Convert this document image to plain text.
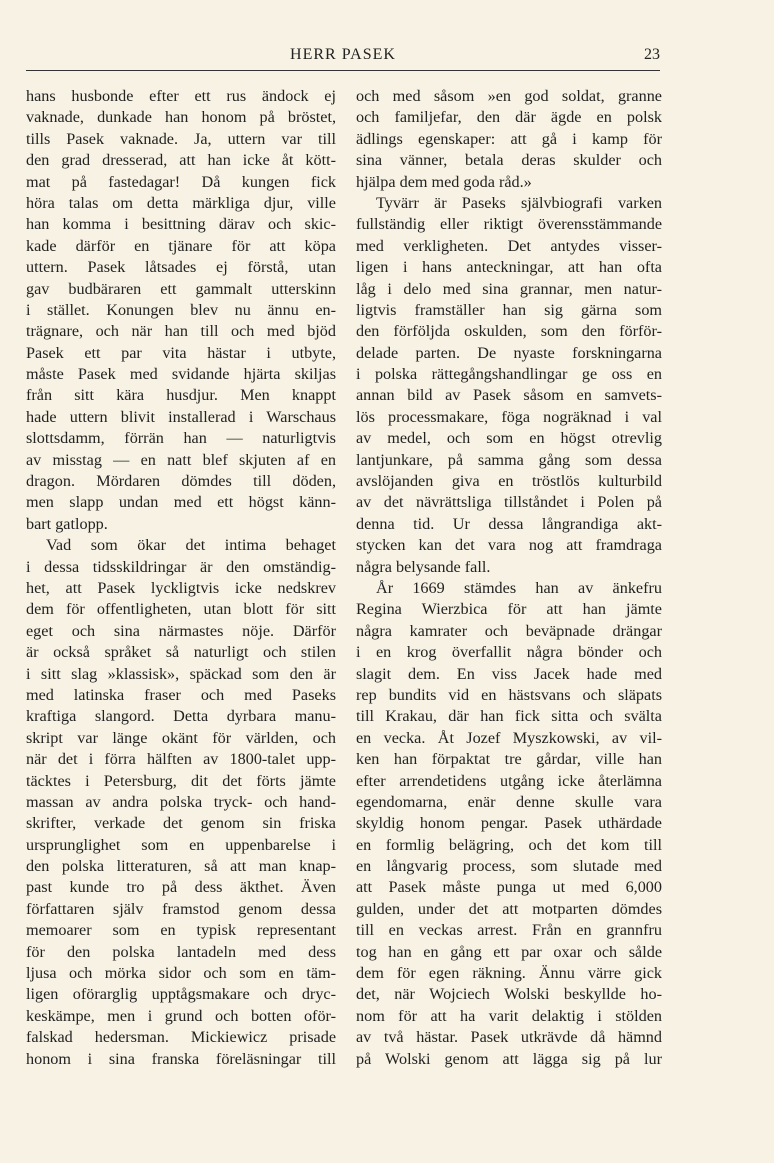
HERR PASEK	23
hans husbonde efter ett rus ändock ej
vaknade, dunkade han honom på bröstet,
tills Pasek vaknade. Ja, uttern var till
den grad dresserad, att han icke åt kött-
mat på fastedagar! Då kungen fick
höra talas om detta märkliga djur, ville
han komma i besittning därav och skic-
kade därför en tjänare för att köpa
uttern. Pasek låtsades ej förstå, utan
gav budbäraren ett gammalt utterskinn
i stället. Konungen blev nu ännu en-
trägnare, och när han till och med bjöd
Pasek ett par vita hästar i utbyte,
måste Pasek med svidande hjärta skiljas
från sitt kära husdjur. Men knappt
hade uttern blivit installerad i Warschaus
slottsdamm, förrän han — naturligtvis
av misstag — en natt blef skjuten af en
dragon. Mördaren dömdes till döden,
men slapp undan med ett högst känn-
bart gatlopp.
Vad som ökar det intima behaget
i dessa tidsskildringar är den omständig-
het, att Pasek lyckligtvis icke nedskrev
dem för offentligheten, utan blott för sitt
eget och sina närmastes nöje. Därför
är också språket så naturligt och stilen
i sitt slag »klassisk», späckad som den är
med latinska fraser och med Paseks
kraftiga slangord. Detta dyrbara manu-
skript var länge okänt för världen, och
när det i förra hälften av 1800-talet upp-
täcktes i Petersburg, dit det förts jämte
massan av andra polska tryck- och hand-
skrifter, verkade det genom sin friska
ursprunglighet som en uppenbarelse i
den polska litteraturen, så att man knap-
past kunde tro på dess äkthet. Även
författaren själv framstod genom dessa
memoarer som en typisk representant
för den polska lantadeln med dess
ljusa och mörka sidor och som en täm-
ligen oförarglig upptågsmakare och dryc-
keskämpe, men i grund och botten oför-
falskad hedersman. Mickiewicz prisade
honom i sina franska föreläsningar till
och med såsom »en god soldat, granne
och familjefar, den där ägde en polsk
ädlings egenskaper: att gå i kamp för
sina vänner, betala deras skulder och
hjälpa dem med goda råd.»
Tyvärr är Paseks självbiografi varken
fullständig eller riktigt överensstämmande
med verkligheten. Det antydes visser-
ligen i hans anteckningar, att han ofta
låg i delo med sina grannar, men natur-
ligtvis framställer han sig gärna som
den förföljda oskulden, som den förför-
delade parten. De nyaste forskningarna
i polska rättegångshandlingar ge oss en
annan bild av Pasek såsom en samvets-
lös processmakare, föga nogräknad i val
av medel, och som en högst otrevlig
lantjunkare, på samma gång som dessa
avslöjanden giva en tröstlös kulturbild
av det nävrättsliga tillståndet i Polen på
denna tid. Ur dessa långrandiga akt-
stycken kan det vara nog att framdraga
några belysande fall.
År 1669 stämdes han av änkefru
Regina Wierzbica för att han jämte
några kamrater och beväpnade drängar
i en krog överfallit några bönder och
slagit dem. En viss Jacek hade med
rep bundits vid en hästsvans och släpats
till Krakau, där han fick sitta och svälta
en vecka. Åt Jozef Myszkowski, av vil-
ken han förpaktat tre gårdar, ville han
efter arrendetidens utgång icke återlämna
egendomarna, enär denne skulle vara
skyldig honom pengar. Pasek uthärdade
en formlig belägring, och det kom till
en långvarig process, som slutade med
att Pasek måste punga ut med 6,000
gulden, under det att motparten dömdes
till en veckas arrest. Från en grannfru
tog han en gång ett par oxar och sålde
dem för egen räkning. Ännu värre gick
det, när Wojciech Wolski beskyllde ho-
nom för att ha varit delaktig i stölden
av två hästar. Pasek utkrävde då hämnd
på Wolski genom att lägga sig på lur
